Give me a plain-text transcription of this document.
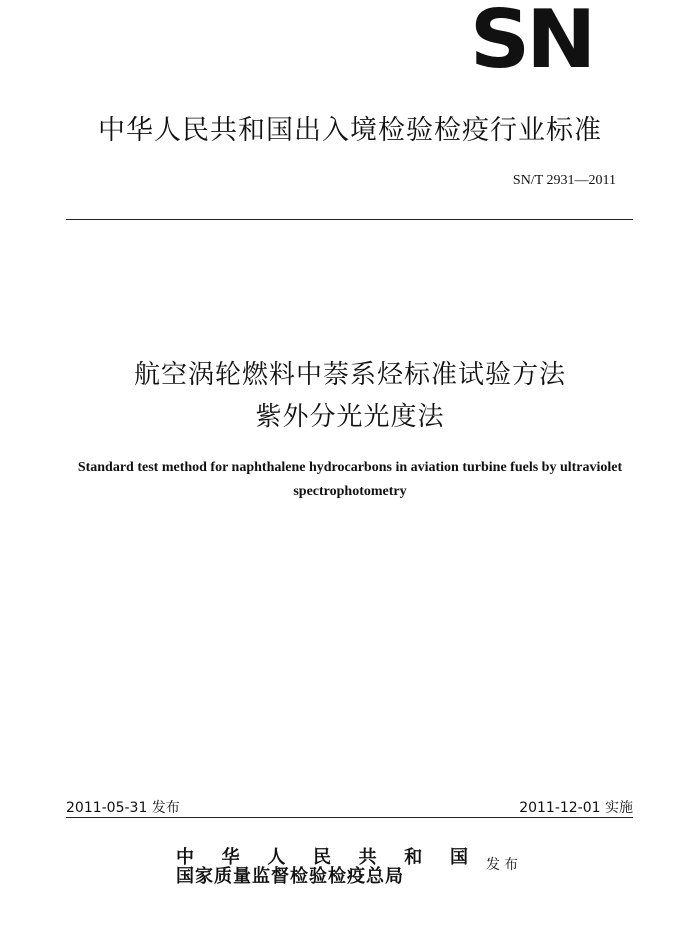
SN
中华人民共和国出入境检验检疫行业标准
SN/T 2931—2011
航空涡轮燃料中萘系烃标准试验方法
紫外分光光度法
Standard test method for naphthalene hydrocarbons in aviation turbine fuels by ultraviolet spectrophotometry
2011-05-31 发布	2011-12-01 实施
中 华 人 民 共 和 国
国家质量监督检验检疫总局
发布
